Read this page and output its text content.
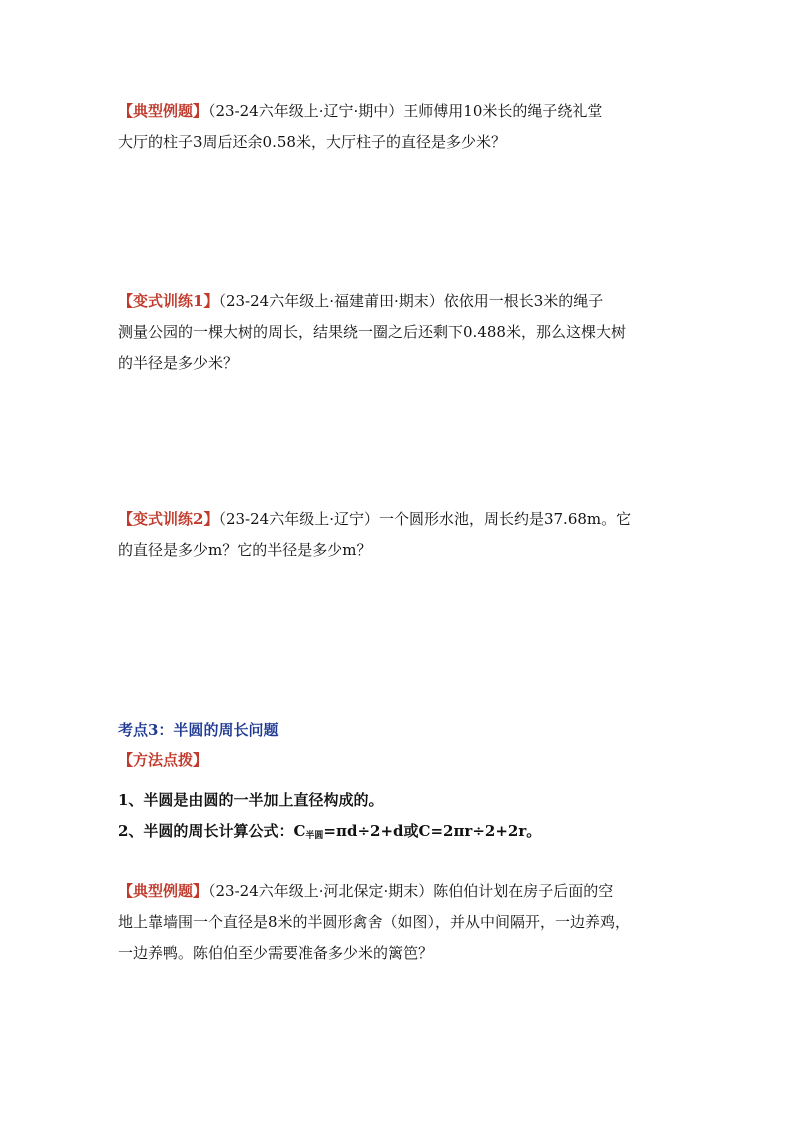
【典型例题】（23-24六年级上·辽宁·期中）王师傅用10米长的绳子绕礼堂
大厅的柱子3周后还余0.58米，大厅柱子的直径是多少米？
【变式训练1】（23-24六年级上·福建莆田·期末）依依用一根长3米的绳子
测量公园的一棵大树的周长，结果绕一圈之后还剩下0.488米，那么这棵大树
的半径是多少米？
【变式训练2】（23-24六年级上·辽宁）一个圆形水池，周长约是37.68m。它
的直径是多少m？它的半径是多少m？
考点3：半圆的周长问题
【方法点拨】
1、半圆是由圆的一半加上直径构成的。
2、半圆的周长计算公式：$C_{半圆}=\pi d\div 2+d$或C=2πr÷2+2r。
【典型例题】（23-24六年级上·河北保定·期末）陈伯伯计划在房子后面的空
地上靠墙围一个直径是8米的半圆形禽舍（如图），并从中间隔开，一边养鸡，
一边养鸭。陈伯伯至少需要准备多少米的篱笆？
